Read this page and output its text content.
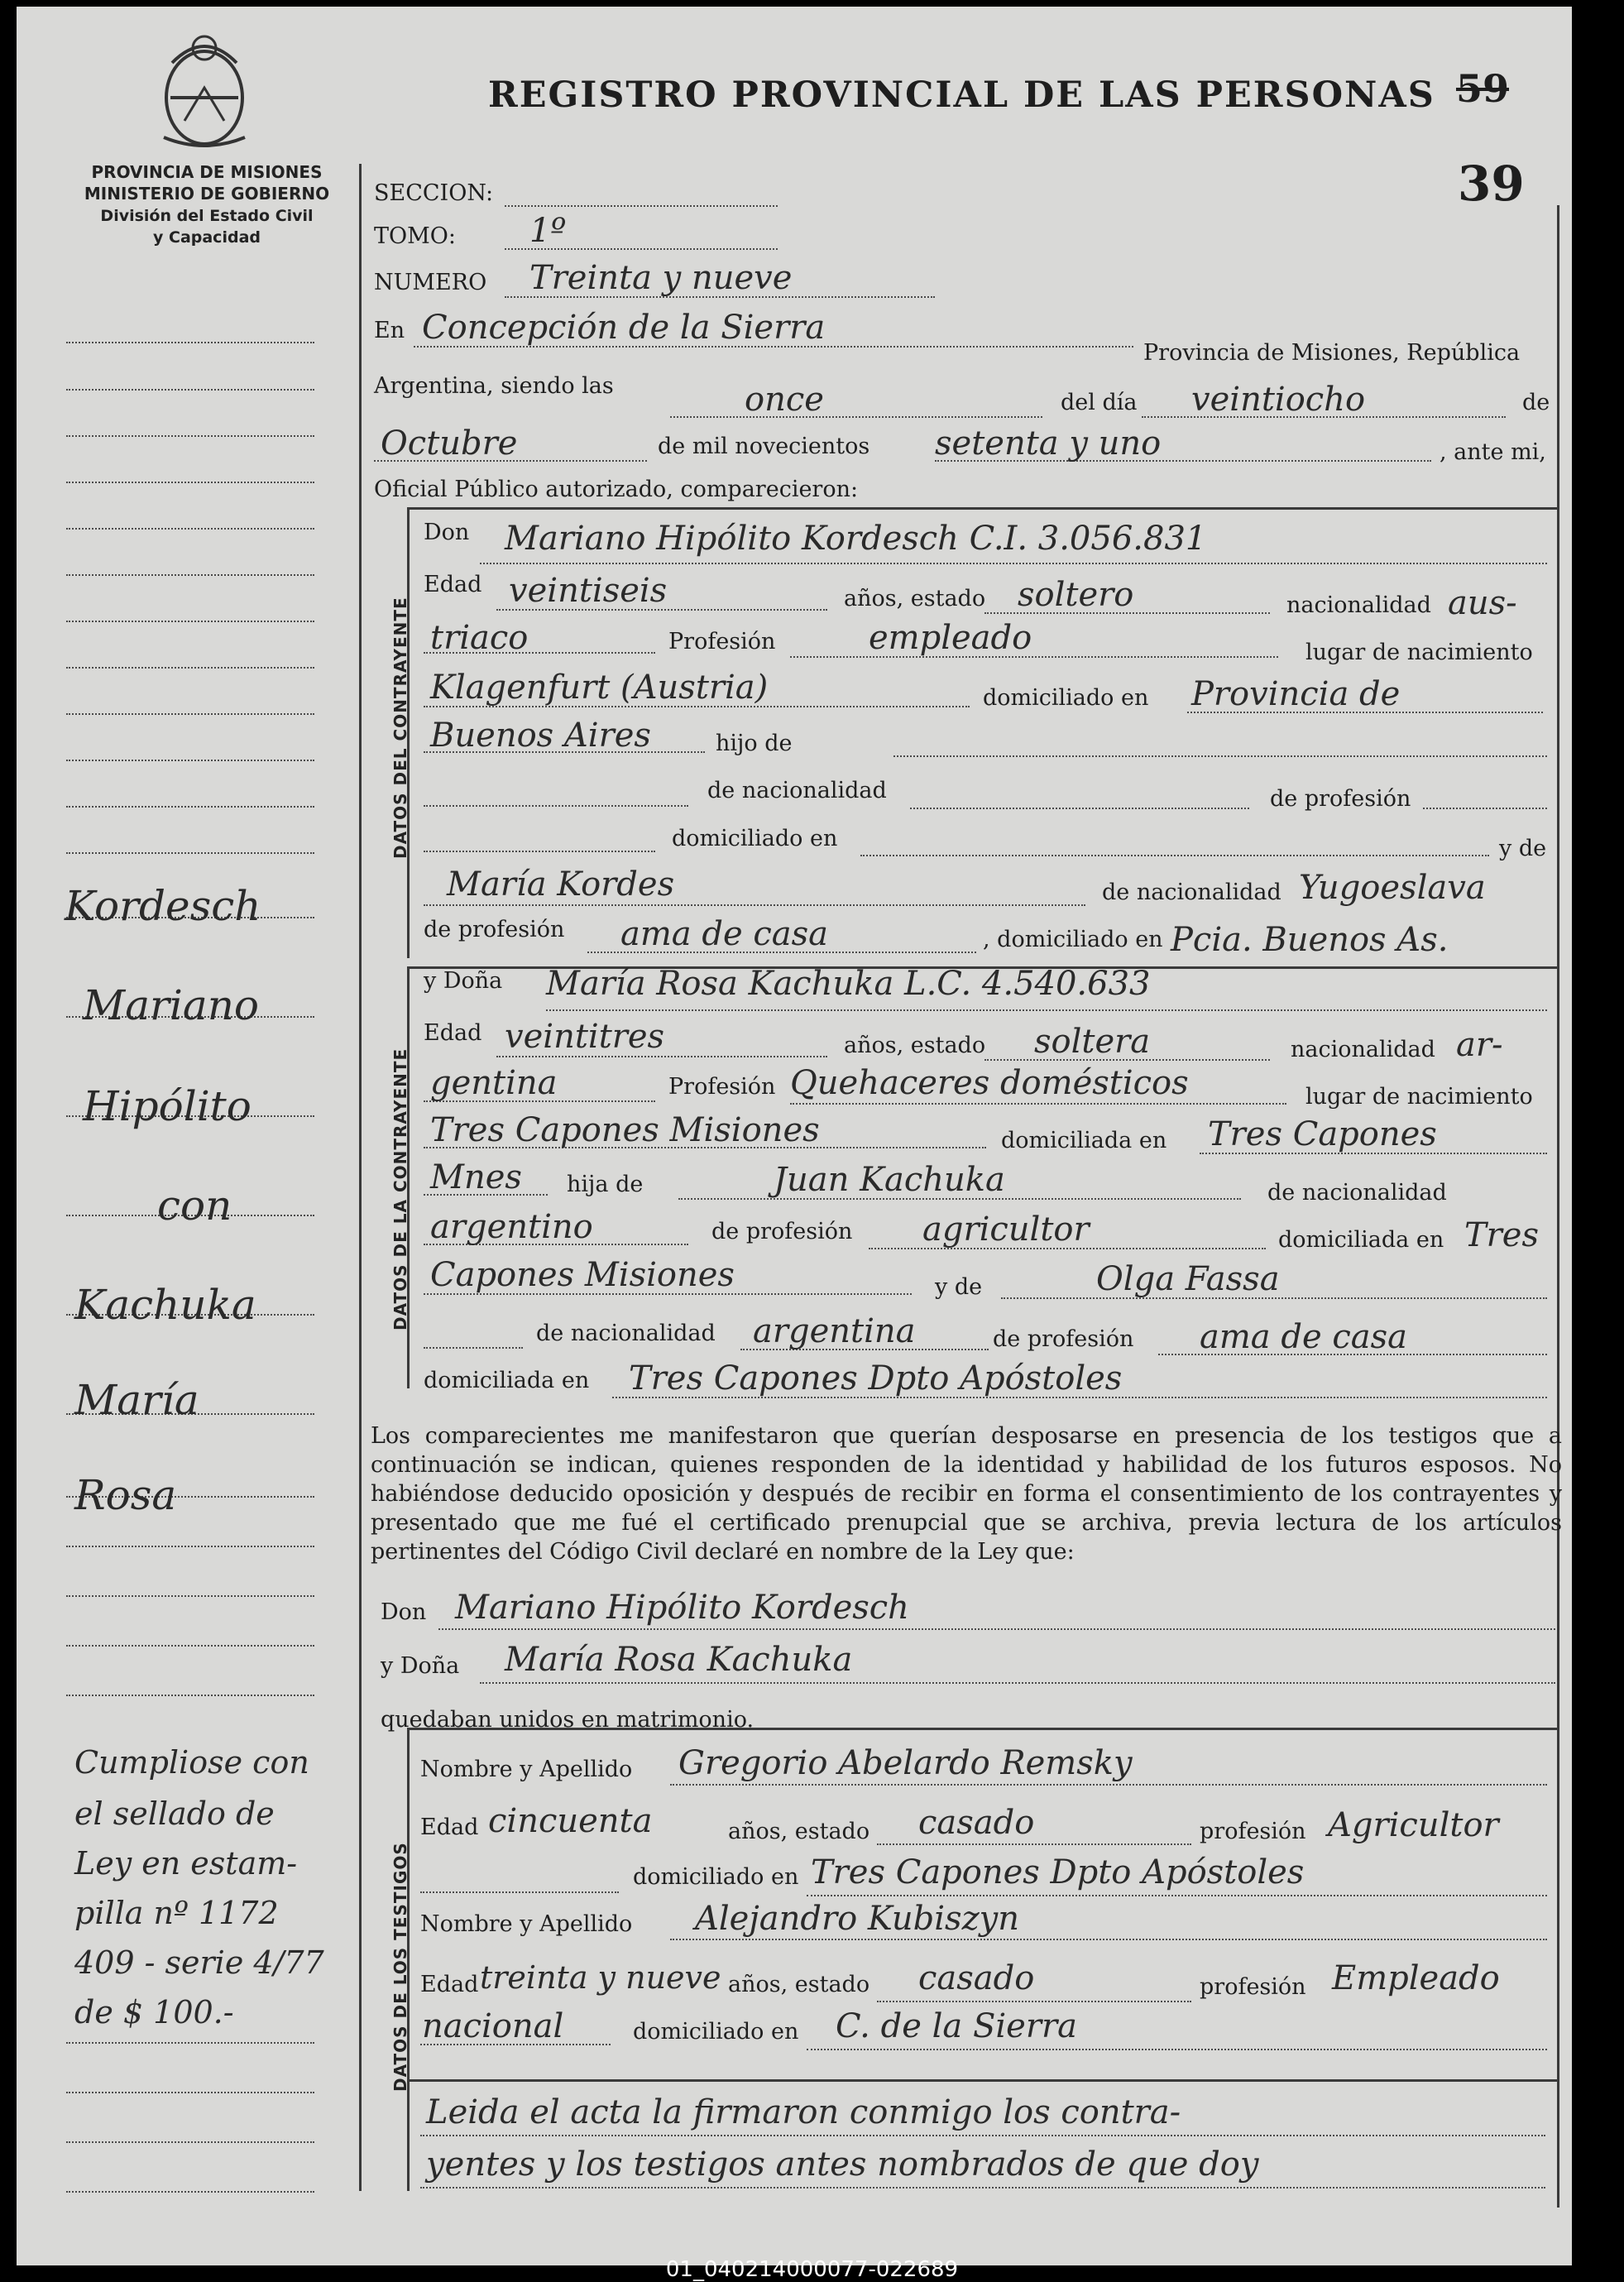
PROVINCIA DE MISIONES
MINISTERIO DE GOBIERNO
División del Estado Civil
y Capacidad
REGISTRO PROVINCIAL DE LAS PERSONAS 59
39
DATOS DEL CONTRAYENTE
DATOS DE LA CONTRAYENTE
DATOS DE LOS TESTIGOS
Kordesch
Mariano
Hipólito
con
Kachuka
María
Rosa
Cumpliose con
el sellado de
Ley en estam-
pilla nº 1172
409 - serie 4/77
de $ 100.-
SECCION:
TOMO: 1º
NUMERO Treinta y nueve
En Concepción de la Sierra
Provincia de Misiones, República
Argentina, siendo las	once	del día veintiocho	de
Octubre	de mil novecientos setenta y uno	, ante mi,
Oficial Público autorizado, comparecieron:
Don Mariano Hipólito Kordesch C.I. 3.056.831
Edad veintiseis	años, estado soltero	nacionalidad aus-
triaco	Profesión	empleado	lugar de nacimiento
Klagenfurt (Austria)	domiciliado en Provincia de
Buenos Aires	hijo de
de nacionalidad	de profesión
domiciliado en	y de
María Kordes	de nacionalidad Yugoeslava
de profesión ama de casa	, domiciliado en Pcia. Buenos As.
y Doña María Rosa Kachuka L.C. 4.540.633
Edad veintitres	años, estado soltera	nacionalidad ar-
gentina	Profesión Quehaceres domésticos	lugar de nacimiento
Tres Capones Misiones	domiciliada en Tres Capones
Mnes hija de	Juan Kachuka	de nacionalidad
argentino	de profesión agricultor	domiciliada en Tres
Capones Misiones	y de	Olga Fassa
de nacionalidad argentina	de profesión ama de casa
domiciliada en Tres Capones Dpto Apóstoles
Los comparecientes me manifestaron que querían desposarse en presencia de los testigos que a continuación se indican, quienes responden de la identidad y habilidad de los futuros esposos. No habiéndose deducido oposición y después de recibir en forma el consentimiento de los contrayentes y presentado que me fué el certificado prenupcial que se archiva, previa lectura de los artículos pertinentes del Código Civil declaré en nombre de la Ley que:
Don Mariano Hipólito Kordesch
y Doña María Rosa Kachuka
quedaban unidos en matrimonio.
Nombre y Apellido Gregorio Abelardo Remsky
Edad cincuenta	años, estado casado	profesión Agricultor
domiciliado en Tres Capones Dpto Apóstoles
Nombre y Apellido Alejandro Kubiszyn
Edad treinta y nueve años, estado casado	profesión Empleado
nacional	domiciliado en C. de la Sierra
Leida el acta la firmaron conmigo los contra-
yentes y los testigos antes nombrados de que doy
01_040214000077-022689
